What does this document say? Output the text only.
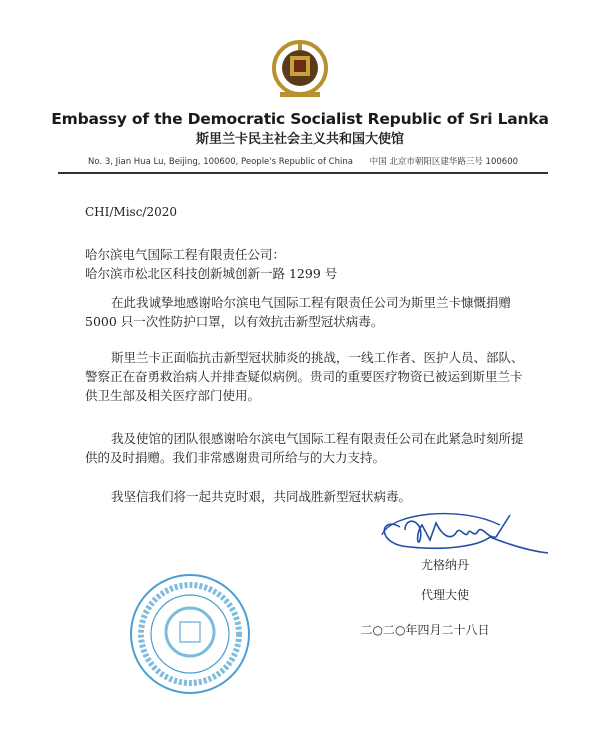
Embassy of the Democratic Socialist Republic of Sri Lanka
斯里兰卡民主社会主义共和国大使馆
No. 3, Jian Hua Lu, Beijing, 100600, People's Republic of China 中国 北京市朝阳区建华路三号 100600
CHI/Misc/2020
哈尔滨电气国际工程有限责任公司：
哈尔滨市松北区科技创新城创新一路 1299 号
在此我诚挚地感谢哈尔滨电气国际工程有限责任公司为斯里兰卡慷慨捐赠 5000 只一次性防护口罩，以有效抗击新型冠状病毒。
斯里兰卡正面临抗击新型冠状肺炎的挑战，一线工作者、医护人员、部队、警察正在奋勇救治病人并排查疑似病例。贵司的重要医疗物资已被运到斯里兰卡供卫生部及相关医疗部门使用。
我及使馆的团队很感谢哈尔滨电气国际工程有限责任公司在此紧急时刻所提供的及时捐赠。我们非常感谢贵司所给与的大力支持。
我坚信我们将一起共克时艰，共同战胜新型冠状病毒。
尤格纳丹
代理大使
二○二○年四月二十八日
